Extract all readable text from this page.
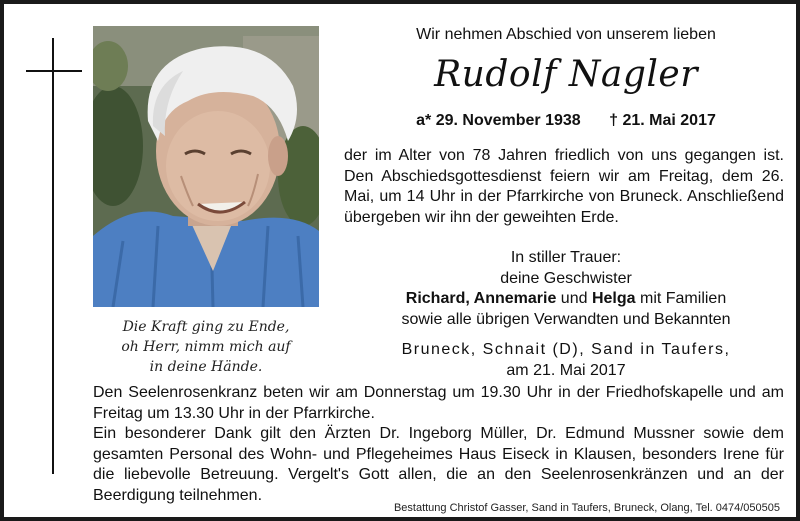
Die Kraft ging zu Ende,
oh Herr, nimm mich auf
in deine Hände.
Wir nehmen Abschied von unserem lieben
Rudolf Nagler
a* 29. November 1938 † 21. Mai 2017
der im Alter von 78 Jahren friedlich von uns gegangen ist. Den Abschiedsgottesdienst feiern wir am Freitag, dem 26. Mai, um 14 Uhr in der Pfarrkirche von Bruneck. Anschließend übergeben wir ihn der geweihten Erde.
In stiller Trauer:
deine Geschwister
Richard, Annemarie und Helga mit Familien
sowie alle übrigen Verwandten und Bekannten
Bruneck, Schnait (D), Sand in Taufers,
am 21. Mai 2017

Den Seelenrosenkranz beten wir am Donnerstag um 19.30 Uhr in der Friedhofskapelle und am Freitag um 13.30 Uhr in der Pfarrkirche.

Ein besonderer Dank gilt den Ärzten Dr. Ingeborg Müller, Dr. Edmund Mussner sowie dem gesamten Personal des Wohn- und Pflegeheimes Haus Eiseck in Klausen, besonders Irene für die liebevolle Betreuung. Vergelt's Gott allen, die an den Seelenrosenkränzen und an der Beerdigung teilnehmen.

Bestattung Christof Gasser, Sand in Taufers, Bruneck, Olang, Tel. 0474/050505
